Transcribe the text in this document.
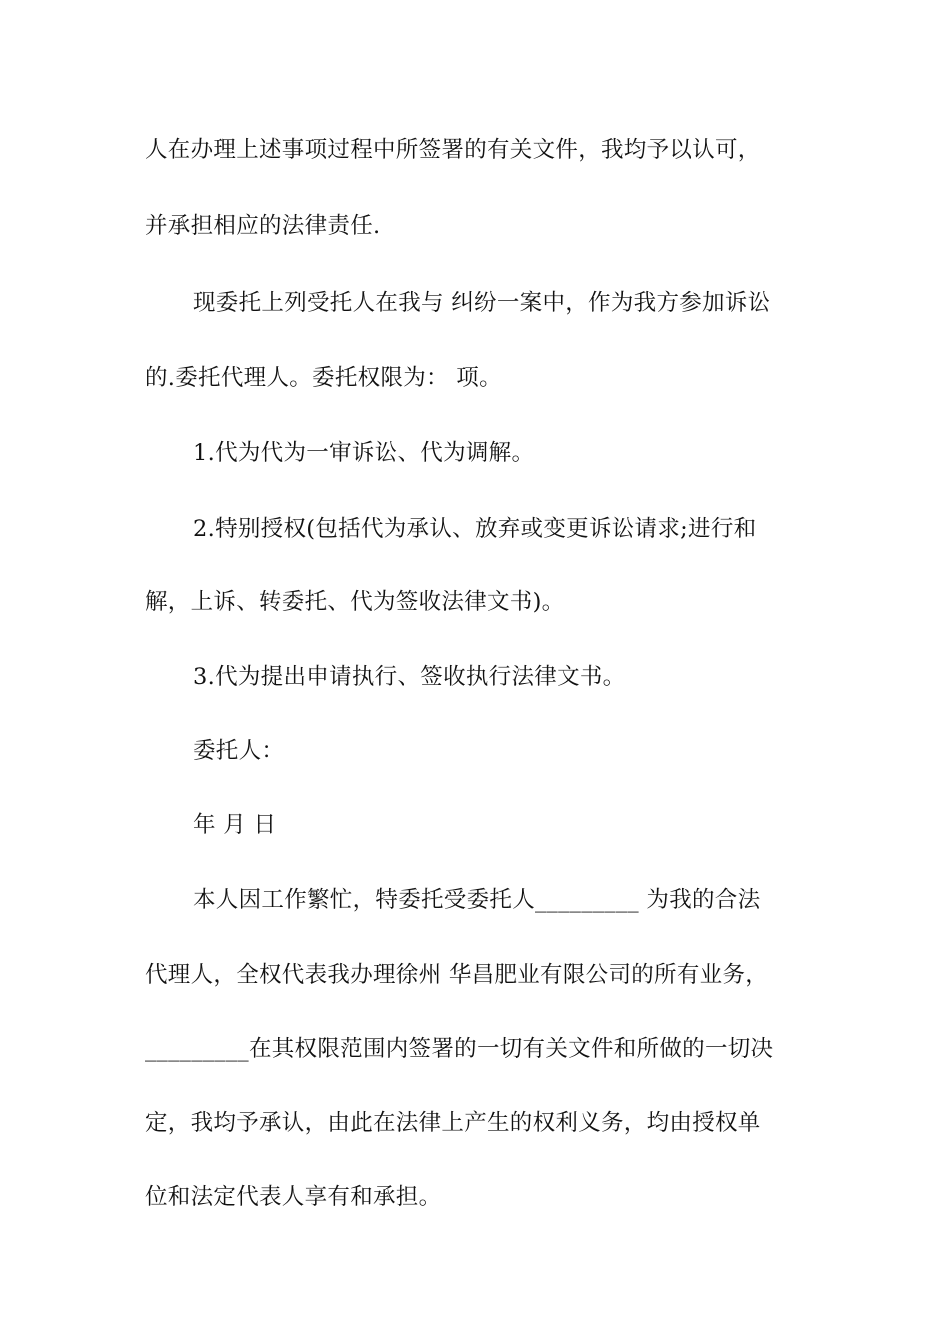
人在办理上述事项过程中所签署的有关文件，我均予以认可，
并承担相应的法律责任.
现委托上列受托人在我与 纠纷一案中，作为我方参加诉讼
的.委托代理人。委托权限为： 项。
1.代为代为一审诉讼、代为调解。
2.特别授权(包括代为承认、放弃或变更诉讼请求;进行和
解，上诉、转委托、代为签收法律文书)。
3.代为提出申请执行、签收执行法律文书。
委托人：
年 月 日
本人因工作繁忙，特委托受委托人_________ 为我的合法
代理人，全权代表我办理徐州 华昌肥业有限公司的所有业务，
_________在其权限范围内签署的一切有关文件和所做的一切决
定，我均予承认，由此在法律上产生的权利义务，均由授权单
位和法定代表人享有和承担。
